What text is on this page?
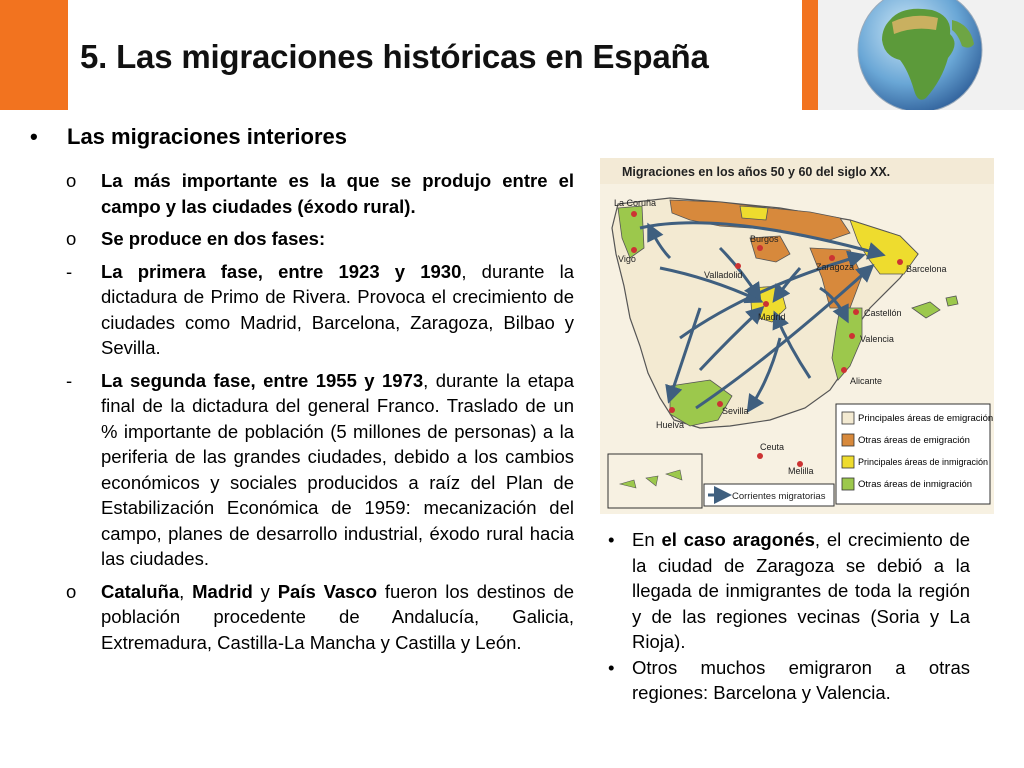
5. Las migraciones históricas en España
• Las migraciones interiores
o La más importante es la que se produjo entre el campo y las ciudades (éxodo rural).
o Se produce en dos fases:
- La primera fase, entre 1923 y 1930, durante la dictadura de Primo de Rivera. Provoca el crecimiento de ciudades como Madrid, Barcelona, Zaragoza, Bilbao y Sevilla.
- La segunda fase, entre 1955 y 1973, durante la etapa final de la dictadura del general Franco. Traslado de un % importante de población (5 millones de personas) a la periferia de las grandes ciudades, debido a los cambios económicos y sociales producidos a raíz del Plan de Estabilización Económica de 1959: mecanización del campo, planes de desarrollo industrial, éxodo rural hacia las ciudades.
o Cataluña, Madrid y País Vasco fueron los destinos de población procedente de Andalucía, Galicia, Extremadura, Castilla-La Mancha y Castilla y León.
Migraciones en los años 50 y 60 del siglo XX.
La Coruña
Vigo
Burgos
Valladolid
Zaragoza	Barcelona
Madrid	Castellón
Valencia
Alicante
Sevilla
Huelva
Ceuta
Melilla
Corrientes migratorias
Principales áreas de emigración
Otras áreas de emigración
Principales áreas de inmigración
Otras áreas de inmigración

• En el caso aragonés, el crecimiento de la ciudad de Zaragoza se debió a la llegada de inmigrantes de toda la región y de las regiones vecinas (Soria y La Rioja).

• Otros muchos emigraron a otras regiones: Barcelona y Valencia.
